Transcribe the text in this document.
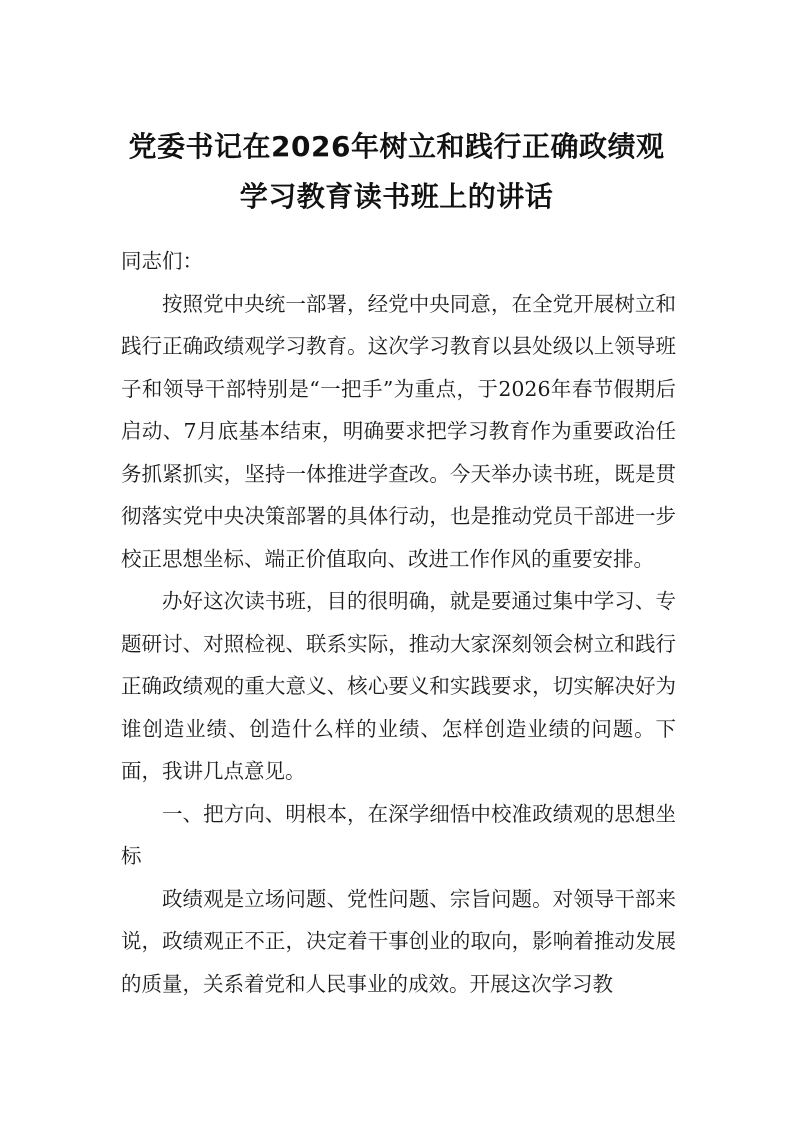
党委书记在2026年树立和践行正确政绩观
学习教育读书班上的讲话

同志们：

按照党中央统一部署，经党中央同意，在全党开展树立和践行正确政绩观学习教育。这次学习教育以县处级以上领导班子和领导干部特别是“一把手”为重点，于2026年春节假期后启动、7月底基本结束，明确要求把学习教育作为重要政治任务抓紧抓实，坚持一体推进学查改。今天举办读书班，既是贯彻落实党中央决策部署的具体行动，也是推动党员干部进一步校正思想坐标、端正价值取向、改进工作作风的重要安排。

办好这次读书班，目的很明确，就是要通过集中学习、专题研讨、对照检视、联系实际，推动大家深刻领会树立和践行正确政绩观的重大意义、核心要义和实践要求，切实解决好为谁创造业绩、创造什么样的业绩、怎样创造业绩的问题。下面，我讲几点意见。

一、把方向、明根本，在深学细悟中校准政绩观的思想坐标

政绩观是立场问题、党性问题、宗旨问题。对领导干部来说，政绩观正不正，决定着干事创业的取向，影响着推动发展的质量，关系着党和人民事业的成效。开展这次学习教
